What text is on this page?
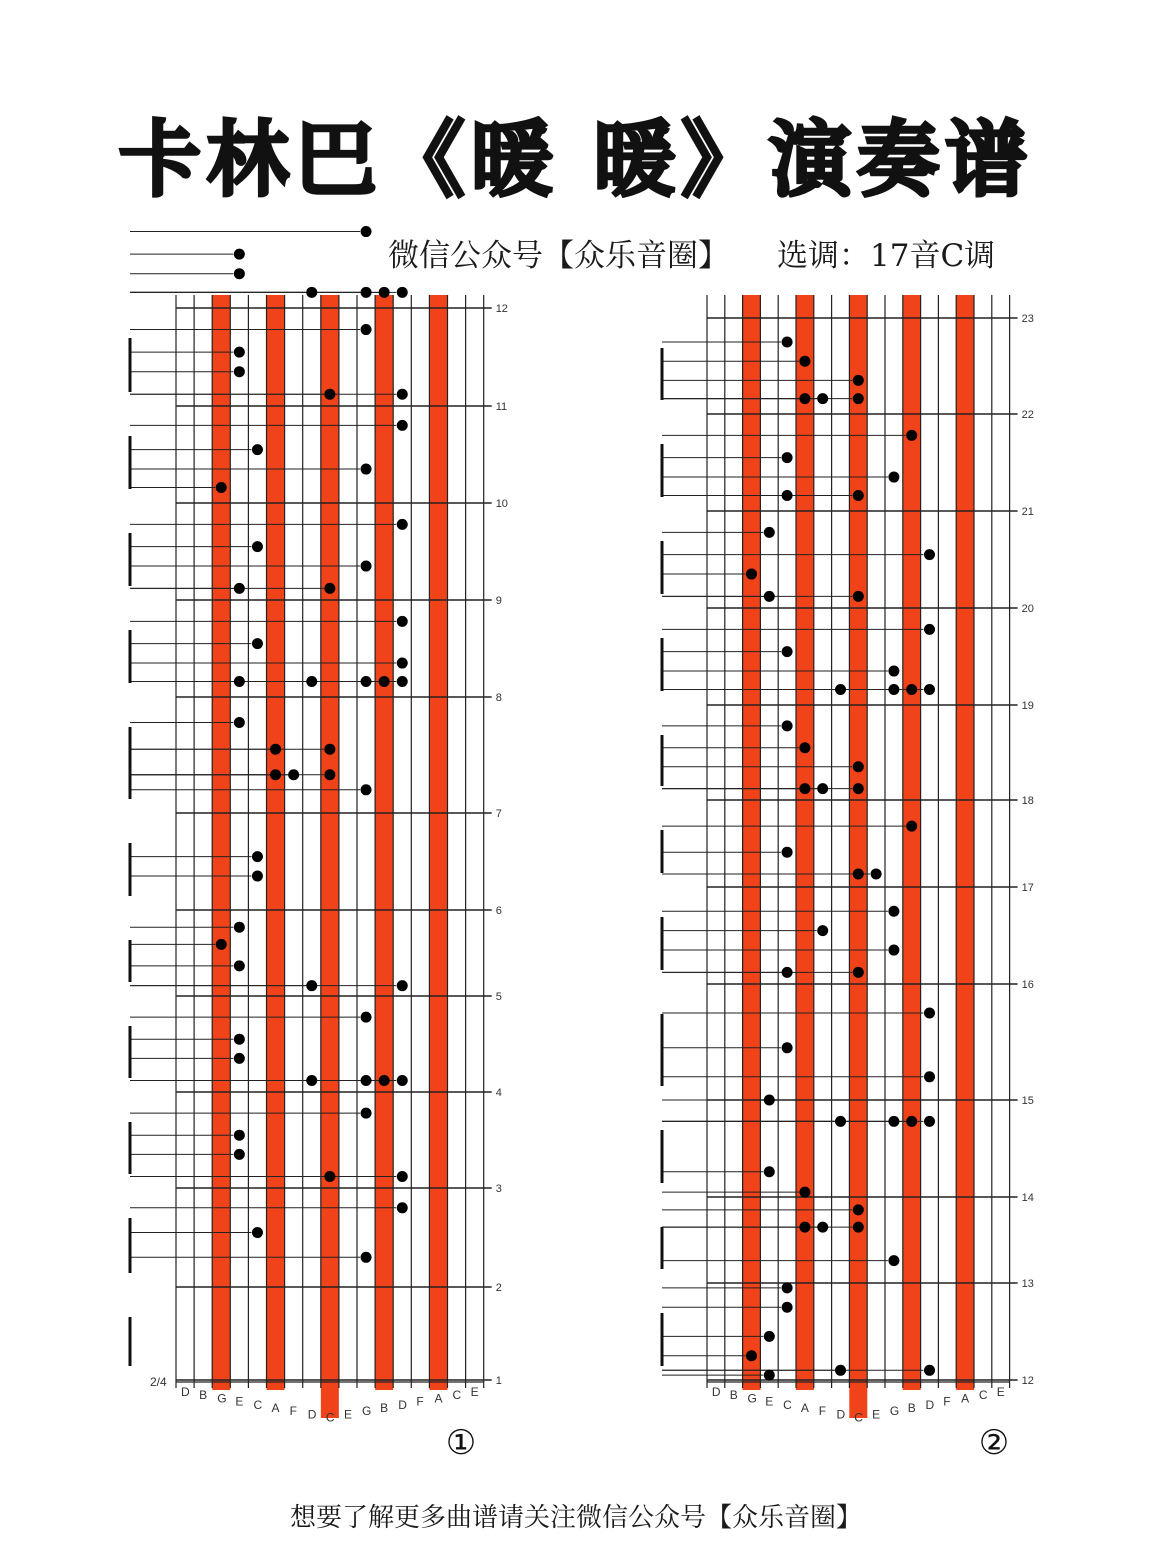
卡林巴《暖 暖》演奏谱
微信公众号【众乐音圈】 选调：17音C调
1
2
3
4
5
6
7
8
9
10
11
12
D B G E C A F D C E G B D F A C E
2/4
①
12
13
14
15
16
17
18
19
20
21
22
23
D B G E C A F D C E G B D F A C E
②
想要了解更多曲谱请关注微信公众号【众乐音圈】
